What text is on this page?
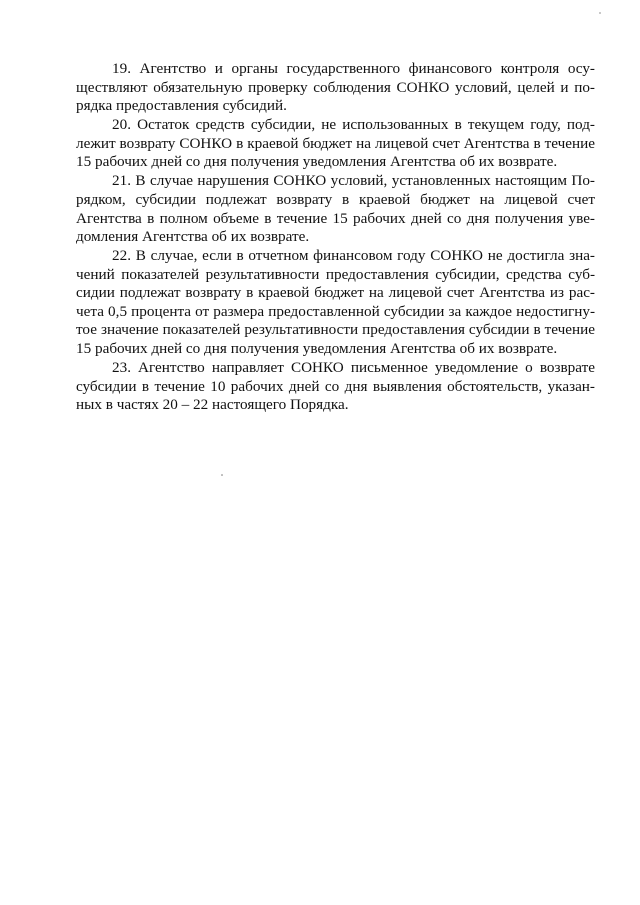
19. Агентство и органы государственного финансового контроля осу-
ществляют обязательную проверку соблюдения СОНКО условий, целей и по-
рядка предоставления субсидий.
20. Остаток средств субсидии, не использованных в текущем году, под-
лежит возврату СОНКО в краевой бюджет на лицевой счет Агентства в течение
15 рабочих дней со дня получения уведомления Агентства об их возврате.
21. В случае нарушения СОНКО условий, установленных настоящим По-
рядком, субсидии подлежат возврату в краевой бюджет на лицевой счет
Агентства в полном объеме в течение 15 рабочих дней со дня получения уве-
домления Агентства об их возврате.
22. В случае, если в отчетном финансовом году СОНКО не достигла зна-
чений показателей результативности предоставления субсидии, средства суб-
сидии подлежат возврату в краевой бюджет на лицевой счет Агентства из рас-
чета 0,5 процента от размера предоставленной субсидии за каждое недостигну-
тое значение показателей результативности предоставления субсидии в течение
15 рабочих дней со дня получения уведомления Агентства об их возврате.
23. Агентство направляет СОНКО письменное уведомление о возврате
субсидии в течение 10 рабочих дней со дня выявления обстоятельств, указан-
ных в частях 20 – 22 настоящего Порядка.
